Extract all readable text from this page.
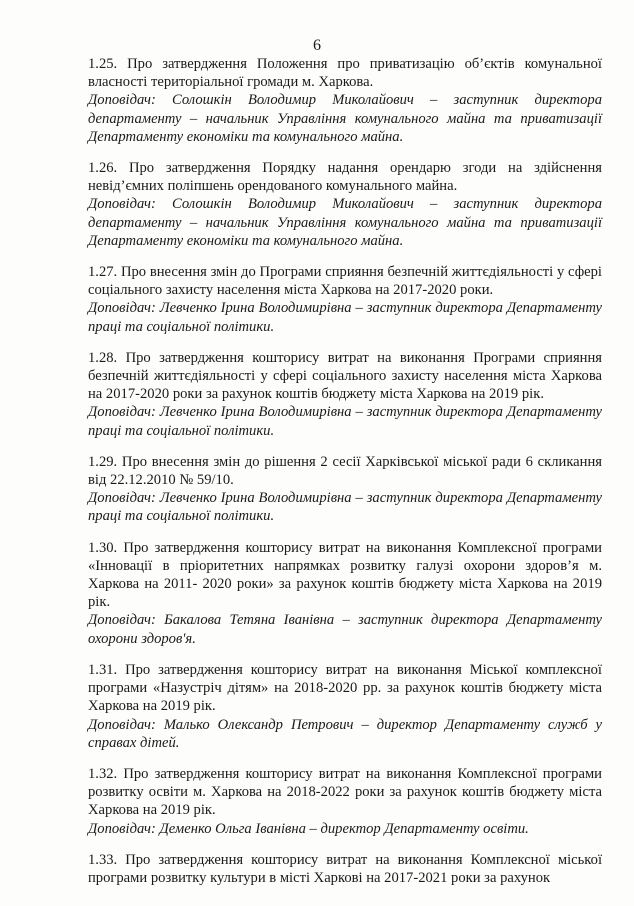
6

1.25. Про затвердження Положення про приватизацію об’єктів комунальної власності територіальної громади м. Харкова.

Доповідач: Солошкін Володимир Миколайович – заступник директора департаменту – начальник Управління комунального майна та приватизації Департаменту економіки та комунального майна.

1.26. Про затвердження Порядку надання орендарю згоди на здійснення невід’ємних поліпшень орендованого комунального майна.

Доповідач: Солошкін Володимир Миколайович – заступник директора департаменту – начальник Управління комунального майна та приватизації Департаменту економіки та комунального майна.

1.27. Про внесення змін до Програми сприяння безпечній життєдіяльності у сфері соціального захисту населення міста Харкова на 2017-2020 роки.

Доповідач: Левченко Ірина Володимирівна – заступник директора Департаменту праці та соціальної політики.

1.28. Про затвердження кошторису витрат на виконання Програми сприяння безпечній життєдіяльності у сфері соціального захисту населення міста Харкова на 2017-2020 роки за рахунок коштів бюджету міста Харкова на 2019 рік.

Доповідач: Левченко Ірина Володимирівна – заступник директора Департаменту праці та соціальної політики.

1.29. Про внесення змін до рішення 2 сесії Харківської міської ради 6 скликання від 22.12.2010 № 59/10.

Доповідач: Левченко Ірина Володимирівна – заступник директора Департаменту праці та соціальної політики.

1.30. Про затвердження кошторису витрат на виконання Комплексної програми «Інновації в пріоритетних напрямках розвитку галузі охорони здоров’я м. Харкова на 2011- 2020 роки» за рахунок коштів бюджету міста Харкова на 2019 рік.

Доповідач: Бакалова Тетяна Іванівна – заступник директора Департаменту охорони здоров'я.

1.31. Про затвердження кошторису витрат на виконання Міської комплексної програми «Назустріч дітям» на 2018-2020 рр. за рахунок коштів бюджету міста Харкова на 2019 рік.

Доповідач: Малько Олександр Петрович – директор Департаменту служб у справах дітей.

1.32. Про затвердження кошторису витрат на виконання Комплексної програми розвитку освіти м. Харкова на 2018-2022 роки за рахунок коштів бюджету міста Харкова на 2019 рік.

Доповідач: Деменко Ольга Іванівна – директор Департаменту освіти.

1.33. Про затвердження кошторису витрат на виконання Комплексної міської програми розвитку культури в місті Харкові на 2017-2021 роки за рахунок
